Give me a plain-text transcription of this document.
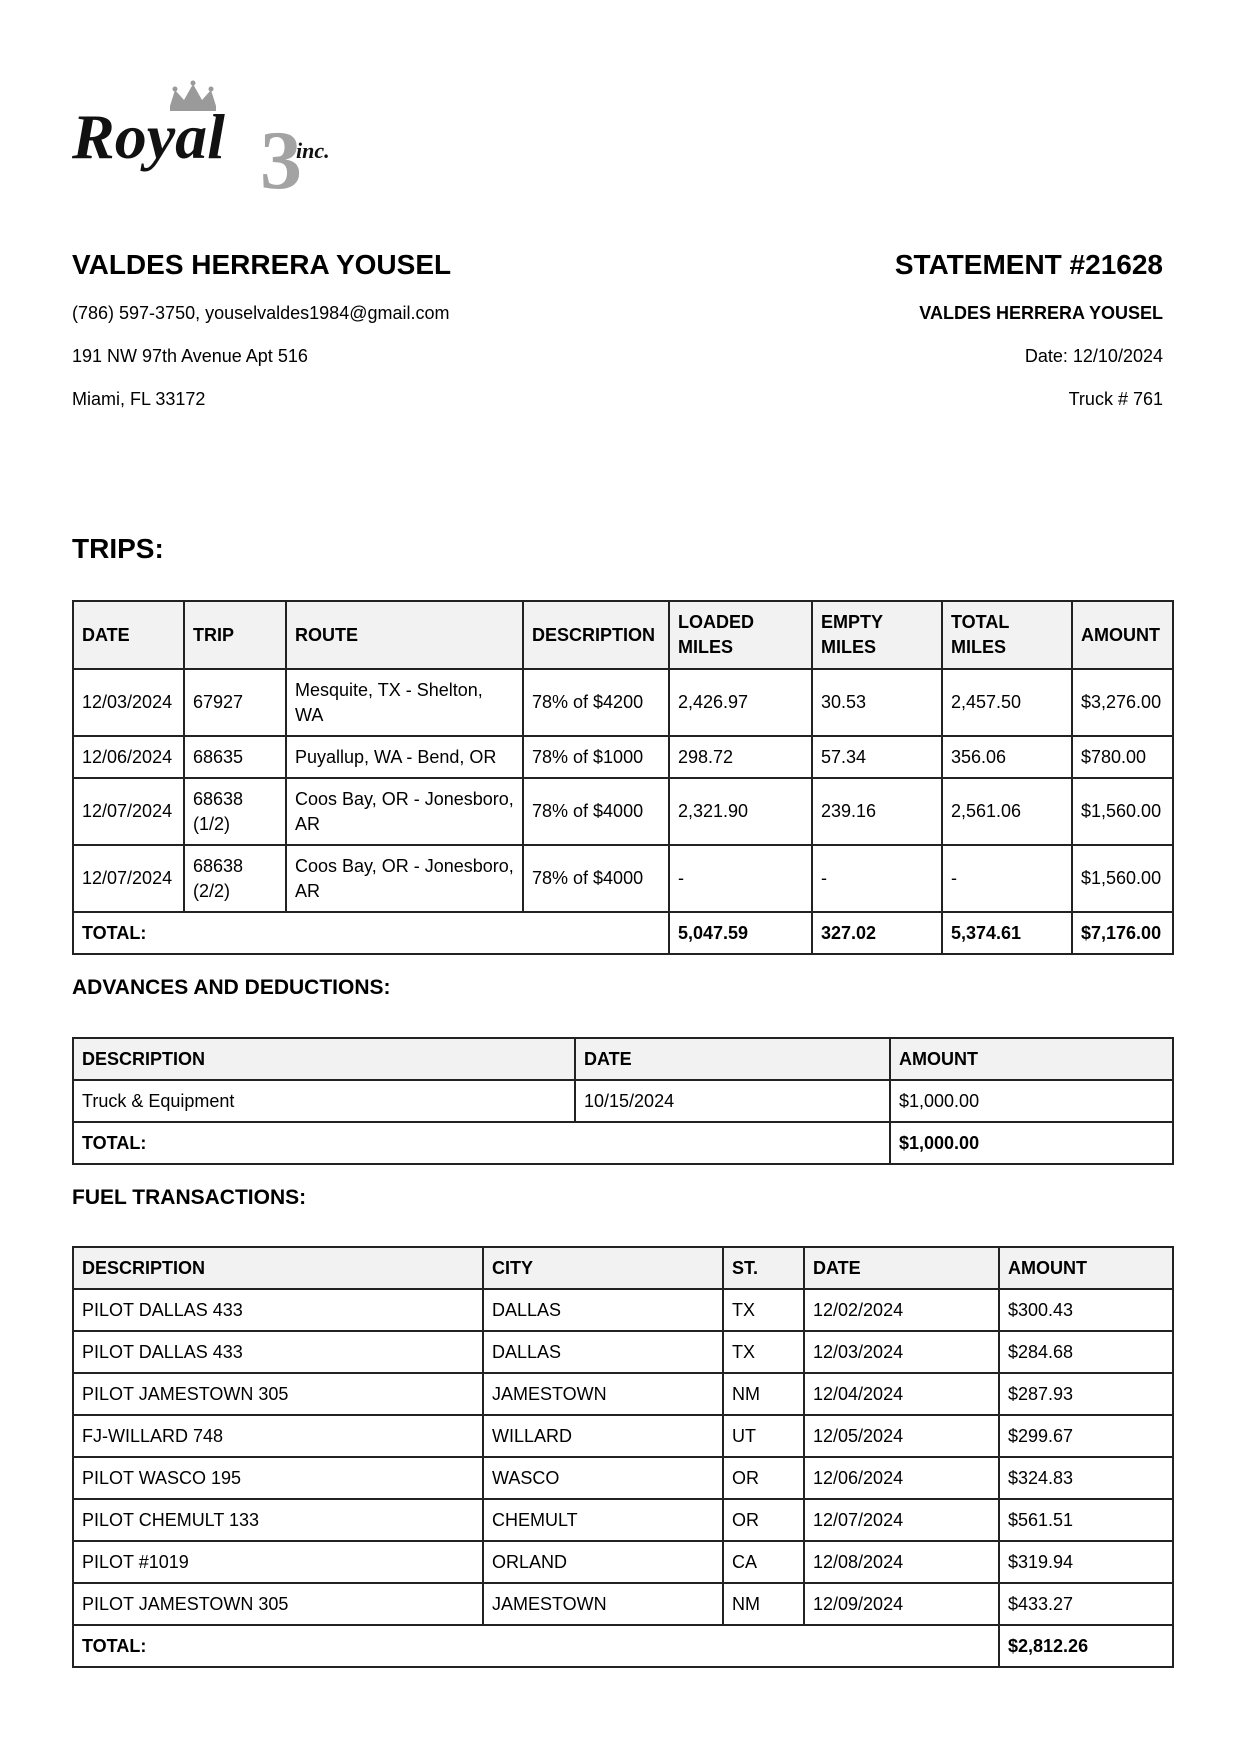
3
Royal	inc.
VALDES HERRERA YOUSEL
(786) 597-3750, youselvaldes1984@gmail.com
191 NW 97th Avenue Apt 516
Miami, FL 33172
STATEMENT #21628
VALDES HERRERA YOUSEL
Date: 12/10/2024
Truck # 761
TRIPS:
DATE	TRIP	ROUTE	DESCRIPTION	LOADED MILES	EMPTY MILES	TOTAL MILES	AMOUNT
12/03/2024	67927	Mesquite, TX - Shelton, WA	78% of $4200	2,426.97	30.53	2,457.50	$3,276.00
12/06/2024	68635	Puyallup, WA - Bend, OR	78% of $1000	298.72	57.34	356.06	$780.00
12/07/2024	68638 (1/2)	Coos Bay, OR - Jonesboro, AR	78% of $4000	2,321.90	239.16	2,561.06	$1,560.00
12/07/2024	68638 (2/2)	Coos Bay, OR - Jonesboro, AR	78% of $4000	-	-	-	$1,560.00
TOTAL:				5,047.59	327.02	5,374.61	$7,176.00
ADVANCES AND DEDUCTIONS:
DESCRIPTION	DATE	AMOUNT
Truck & Equipment	10/15/2024	$1,000.00
TOTAL:		$1,000.00
FUEL TRANSACTIONS:
DESCRIPTION	CITY	ST.	DATE	AMOUNT
PILOT DALLAS 433	DALLAS	TX	12/02/2024	$300.43
PILOT DALLAS 433	DALLAS	TX	12/03/2024	$284.68
PILOT JAMESTOWN 305	JAMESTOWN	NM	12/04/2024	$287.93
FJ-WILLARD 748	WILLARD	UT	12/05/2024	$299.67
PILOT WASCO 195	WASCO	OR	12/06/2024	$324.83
PILOT CHEMULT 133	CHEMULT	OR	12/07/2024	$561.51
PILOT #1019	ORLAND	CA	12/08/2024	$319.94
PILOT JAMESTOWN 305	JAMESTOWN	NM	12/09/2024	$433.27
TOTAL:				$2,812.26
